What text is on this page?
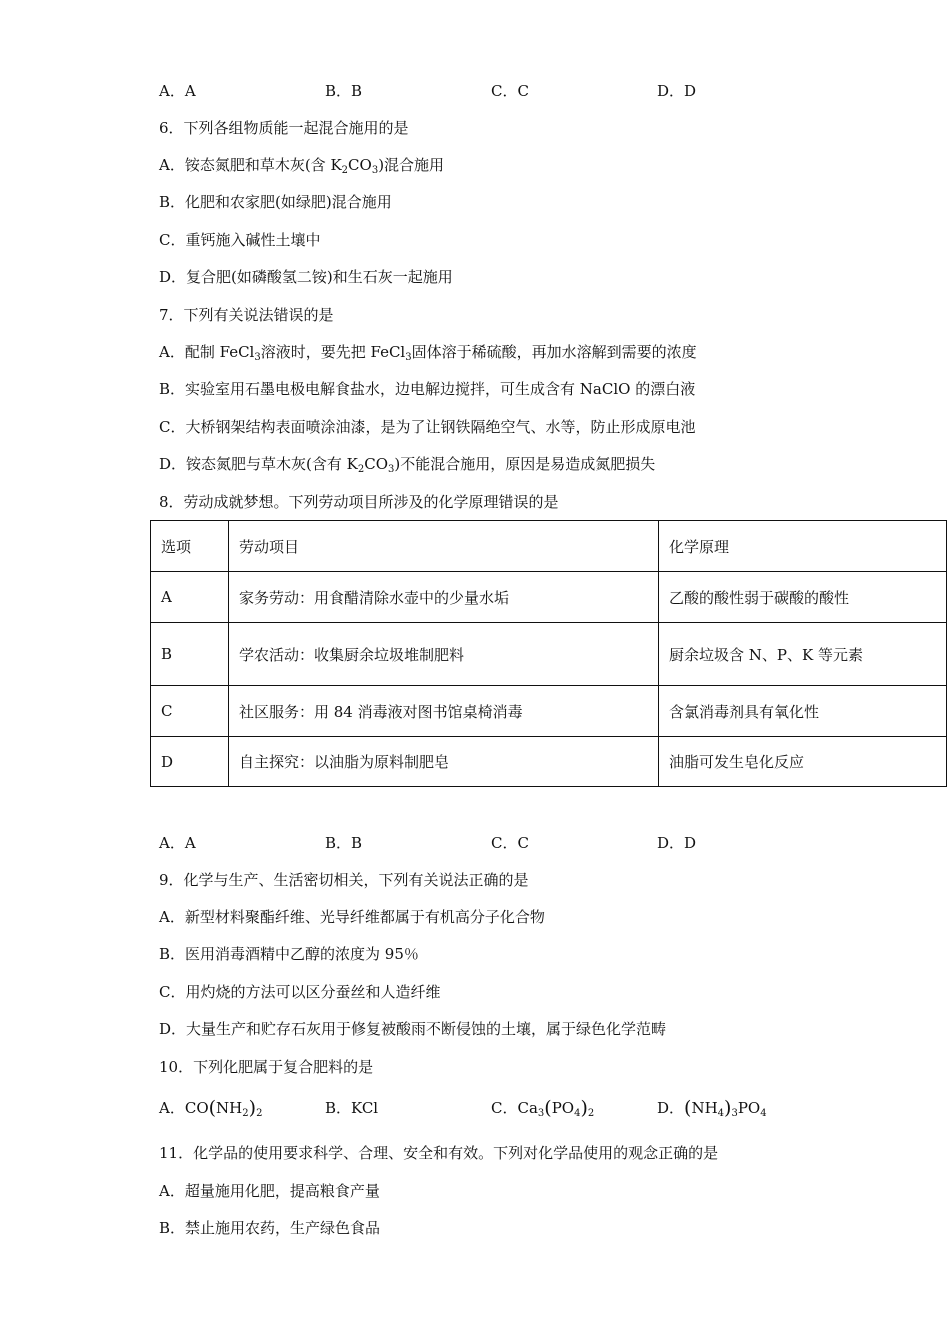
A．A	B．B	C．C	D．D
6．下列各组物质能一起混合施用的是
A．铵态氮肥和草木灰(含 $K_2CO_3$)混合施用
B．化肥和农家肥(如绿肥)混合施用
C．重钙施入碱性土壤中
D．复合肥(如磷酸氢二铵)和生石灰一起施用
7．下列有关说法错误的是
A．配制 FeCl$_3$溶液时，要先把 FeCl$_3$固体溶于稀硫酸，再加水溶解到需要的浓度
B．实验室用石墨电极电解食盐水，边电解边搅拌，可生成含有 NaClO 的漂白液
C．大桥钢架结构表面喷涂油漆，是为了让钢铁隔绝空气、水等，防止形成原电池
D．铵态氮肥与草木灰(含有 $K_2CO_3$)不能混合施用，原因是易造成氮肥损失
8．劳动成就梦想。下列劳动项目所涉及的化学原理错误的是
选项	劳动项目	化学原理
A	家务劳动：用食醋清除水壶中的少量水垢	乙酸的酸性弱于碳酸的酸性
B	学农活动：收集厨余垃圾堆制肥料	厨余垃圾含 N、P、K 等元素
C	社区服务：用 84 消毒液对图书馆桌椅消毒	含氯消毒剂具有氧化性
D	自主探究：以油脂为原料制肥皂	油脂可发生皂化反应
A．A	B．B	C．C	D．D
9．化学与生产、生活密切相关，下列有关说法正确的是
A．新型材料聚酯纤维、光导纤维都属于有机高分子化合物
B．医用消毒酒精中乙醇的浓度为 95％
C．用灼烧的方法可以区分蚕丝和人造纤维
D．大量生产和贮存石灰用于修复被酸雨不断侵蚀的土壤，属于绿色化学范畴
10．下列化肥属于复合肥料的是
A．$CO(NH_2)_2$	B．KCl	C．$Ca_3(PO_4)_2$	D．$(NH_4)_3PO_4$
11．化学品的使用要求科学、合理、安全和有效。下列对化学品使用的观念正确的是
A．超量施用化肥，提高粮食产量
B．禁止施用农药，生产绿色食品
